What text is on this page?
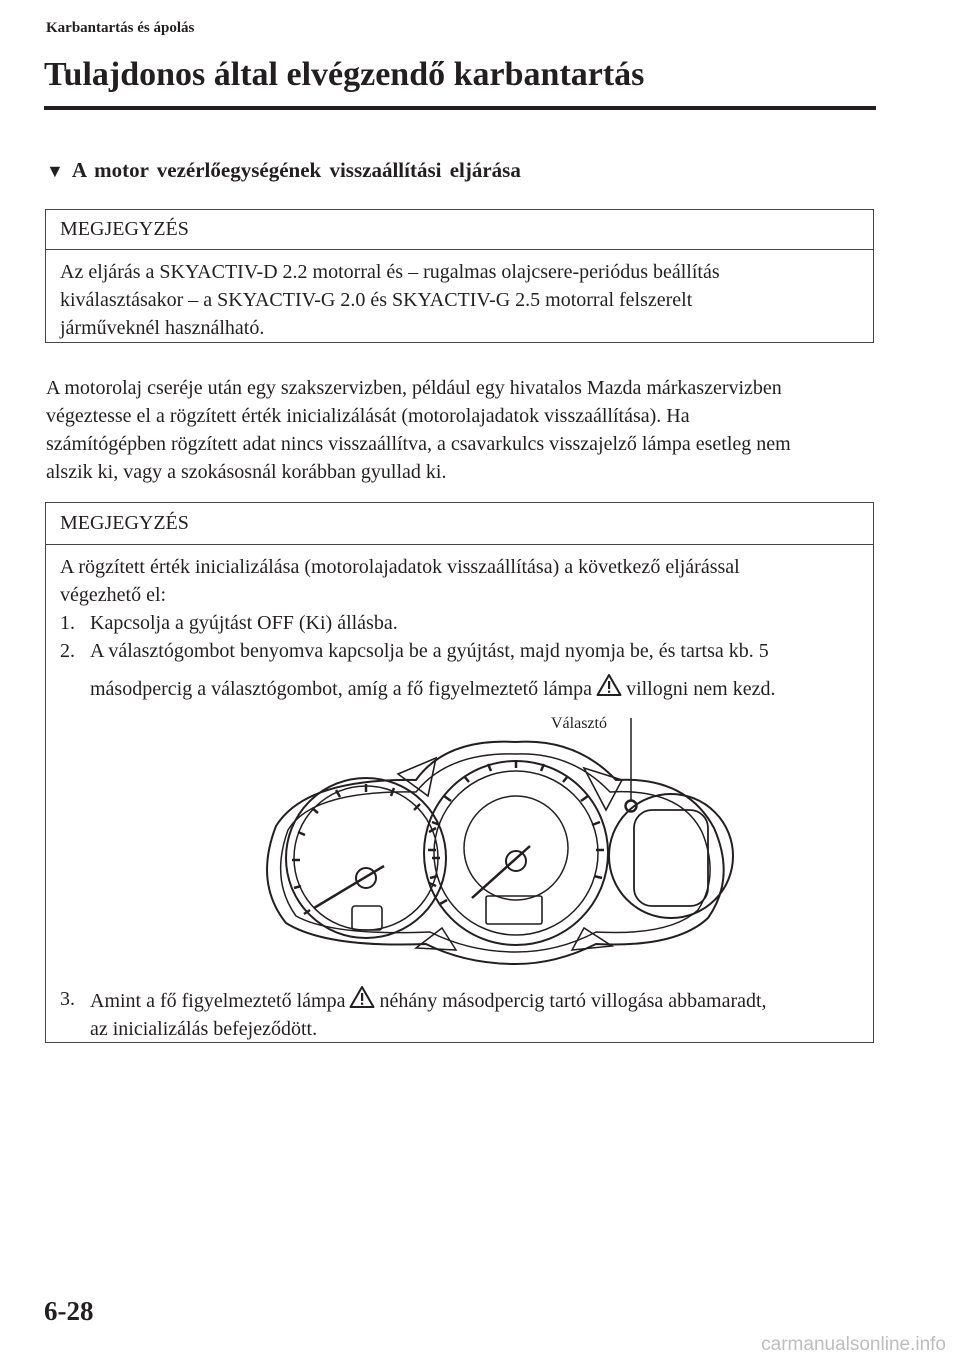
Karbantartás és ápolás
Tulajdonos által elvégzendő karbantartás
▼ A motor vezérlőegységének visszaállítási eljárása
MEGJEGYZÉS
Az eljárás a SKYACTIV-D 2.2 motorral és – rugalmas olajcsere-periódus beállítás
kiválasztásakor – a SKYACTIV-G 2.0 és SKYACTIV-G 2.5 motorral felszerelt
járműveknél használható.
A motorolaj cseréje után egy szakszervizben, például egy hivatalos Mazda márkaszervizben
végeztesse el a rögzített érték inicializálását (motorolajadatok visszaállítása). Ha
számítógépben rögzített adat nincs visszaállítva, a csavarkulcs visszajelző lámpa esetleg nem
alszik ki, vagy a szokásosnál korábban gyullad ki.
MEGJEGYZÉS
A rögzített érték inicializálása (motorolajadatok visszaállítása) a következő eljárással
végezhető el:
1. Kapcsolja a gyújtást OFF (Ki) állásba.
2. A választógombot benyomva kapcsolja be a gyújtást, majd nyomja be, és tartsa kb. 5
másodpercig a választógombot, amíg a fő figyelmeztető lámpa villogni nem kezd.
Választó
3. Amint a fő figyelmeztető lámpa néhány másodpercig tartó villogása abbamaradt,
az inicializálás befejeződött.
6-28
carmanualsonline.info
